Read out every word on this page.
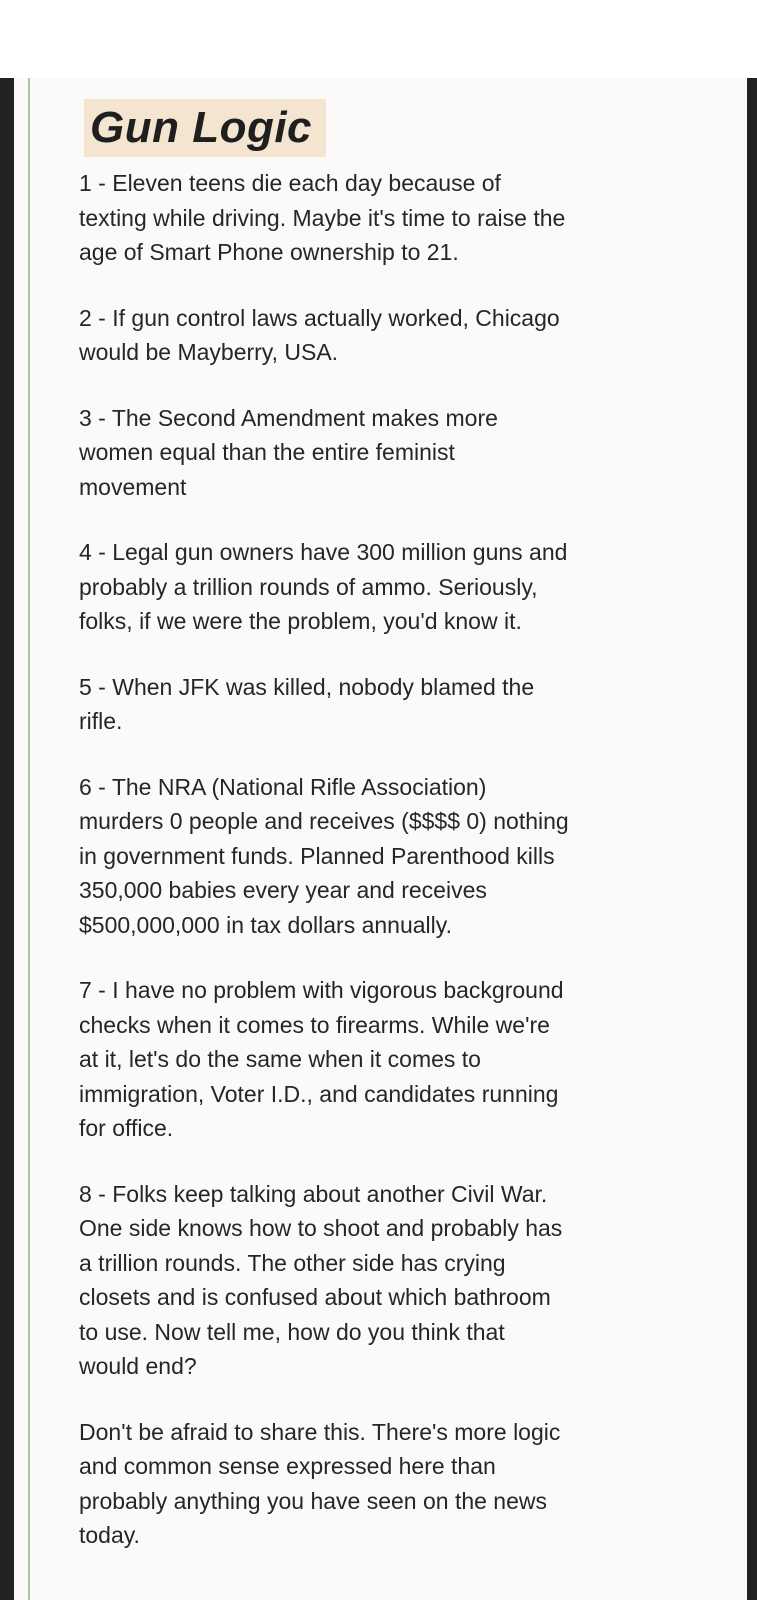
Gun Logic
1 - Eleven teens die each day because of
texting while driving. Maybe it's time to raise the
age of Smart Phone ownership to 21.
2 - If gun control laws actually worked, Chicago
would be Mayberry, USA.
3 - The Second Amendment makes more
women equal than the entire feminist
movement
4 - Legal gun owners have 300 million guns and
probably a trillion rounds of ammo. Seriously,
folks, if we were the problem, you'd know it.
5 - When JFK was killed, nobody blamed the
rifle.
6 - The NRA (National Rifle Association)
murders 0 people and receives ($$$$ 0) nothing
in government funds. Planned Parenthood kills
350,000 babies every year and receives
$500,000,000 in tax dollars annually.
7 - I have no problem with vigorous background
checks when it comes to firearms. While we're
at it, let's do the same when it comes to
immigration, Voter I.D., and candidates running
for office.
8 - Folks keep talking about another Civil War.
One side knows how to shoot and probably has
a trillion rounds. The other side has crying
closets and is confused about which bathroom
to use. Now tell me, how do you think that
would end?
Don't be afraid to share this. There's more logic
and common sense expressed here than
probably anything you have seen on the news
today.
